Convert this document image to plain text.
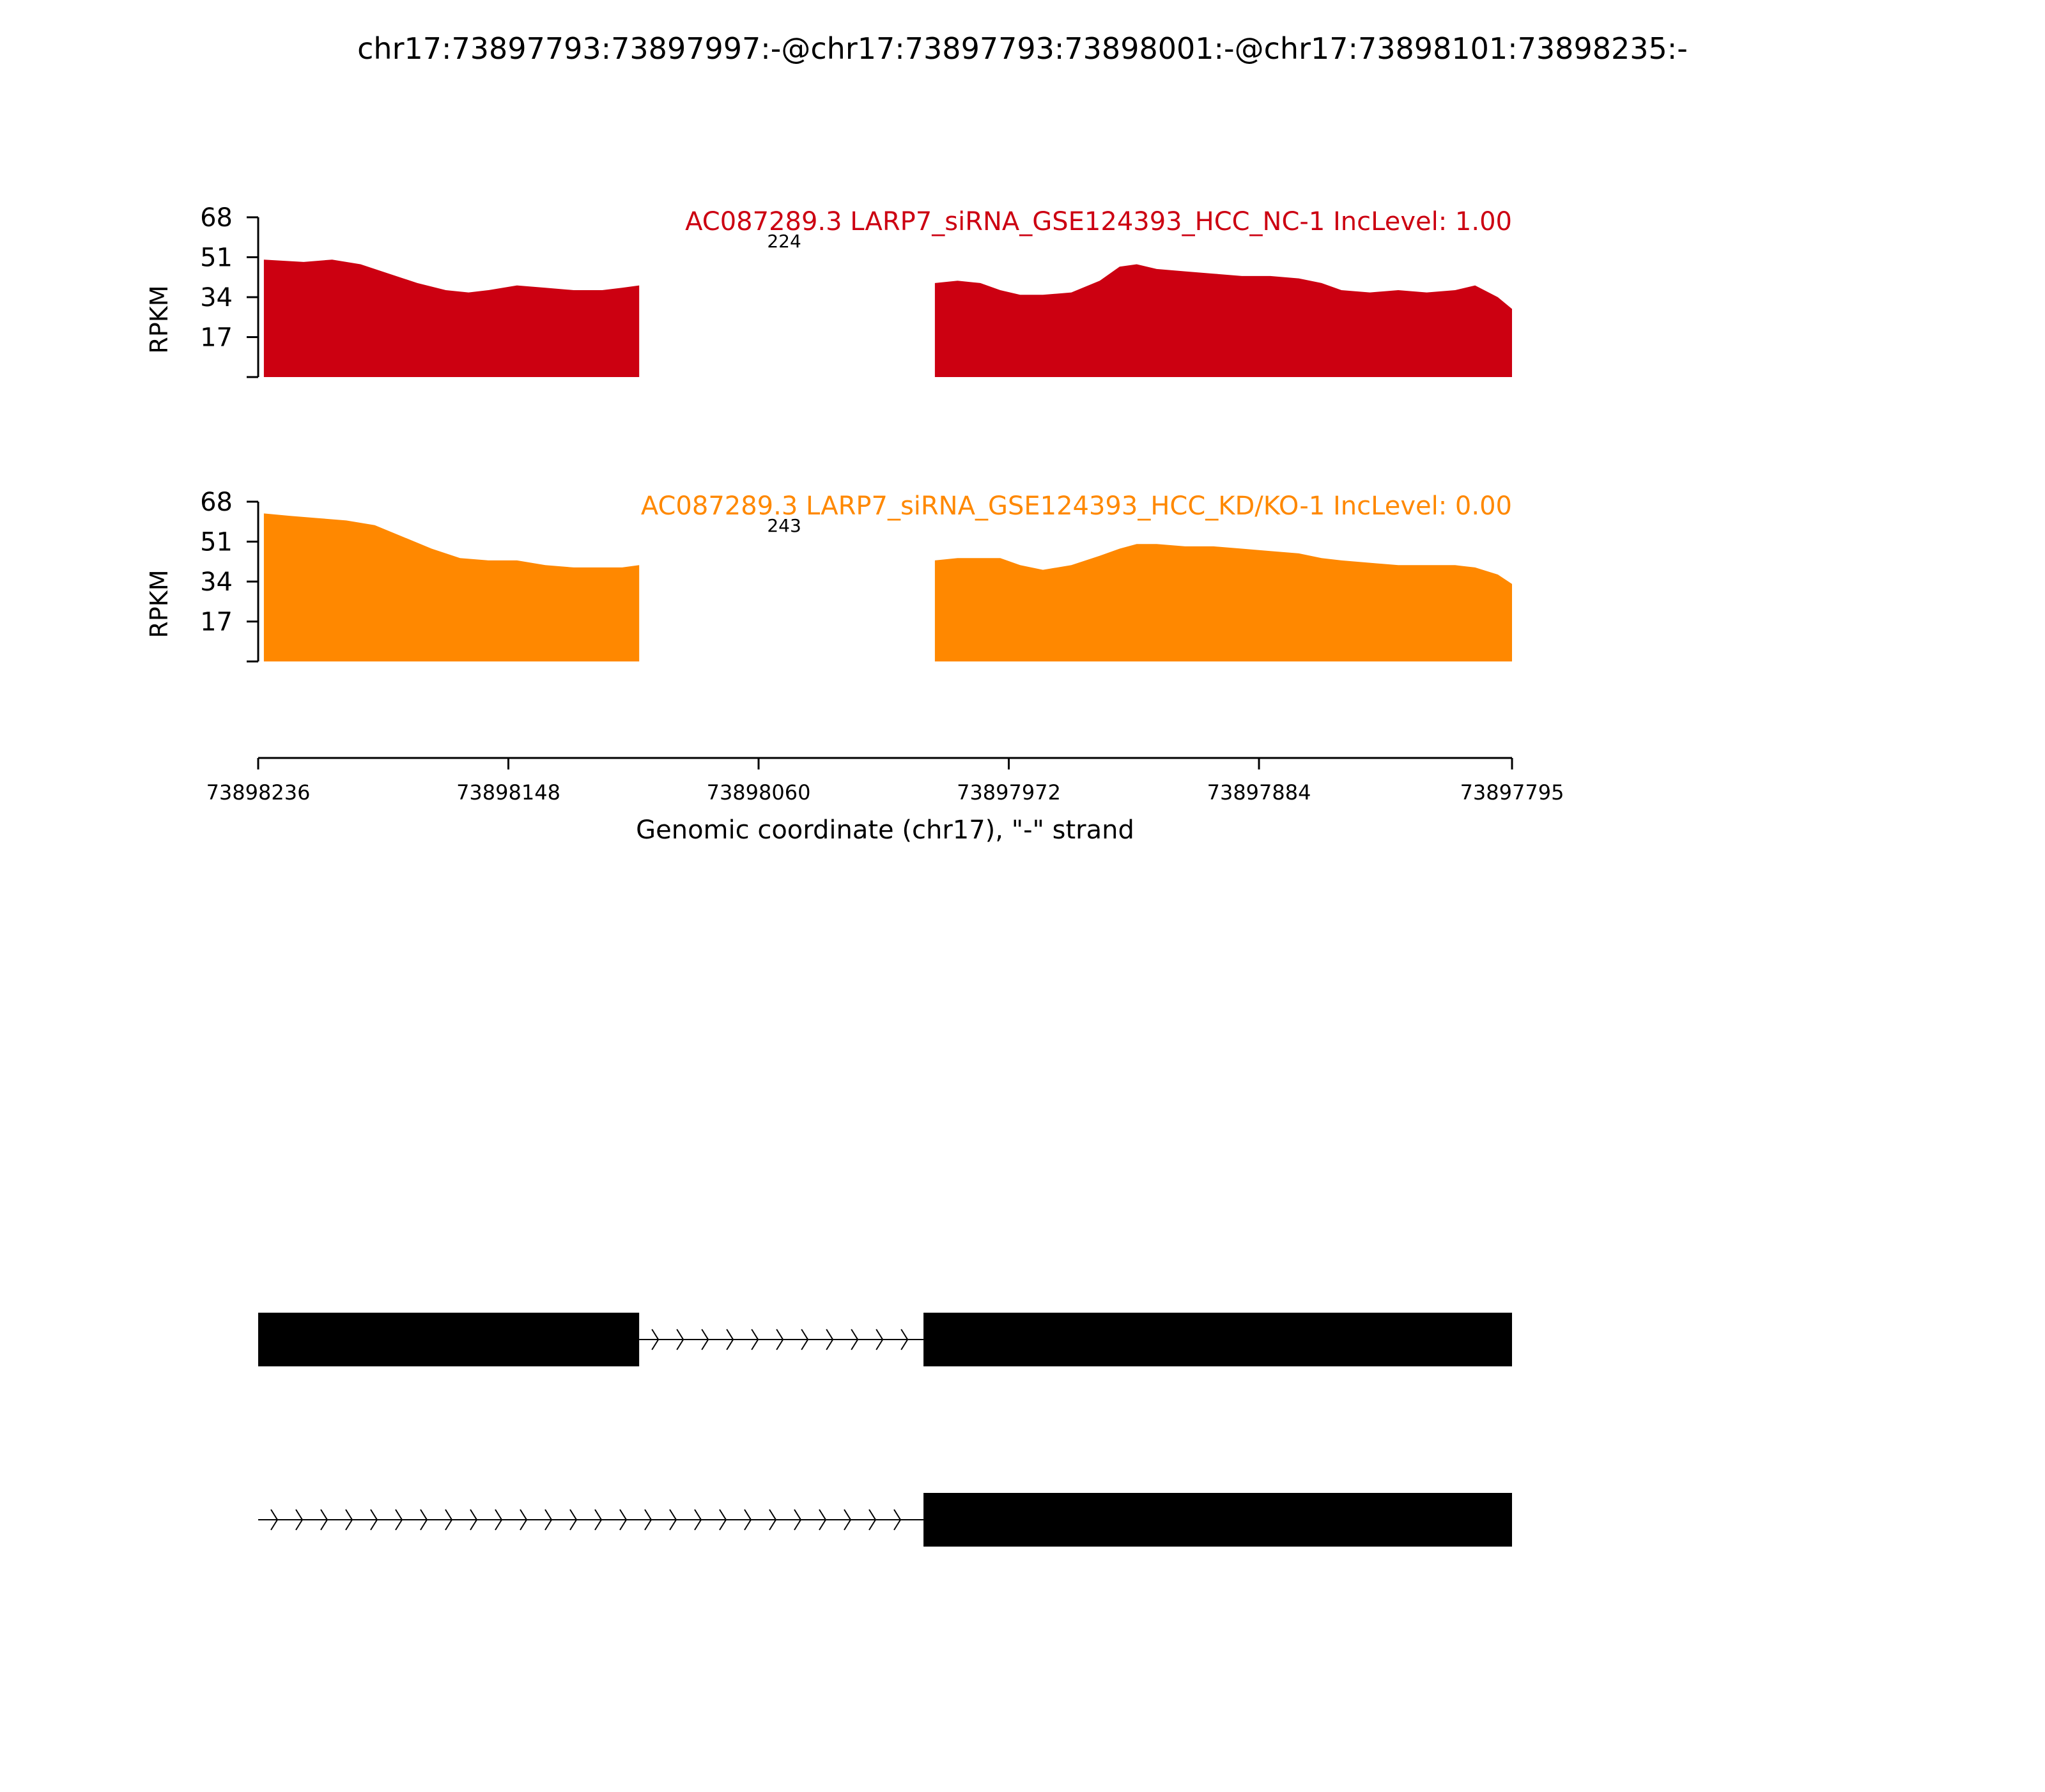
chr17:73897793:73897997:-@chr17:73897793:73898001:-@chr17:73898101:73898235:-
224
AC087289.3 LARP7_siRNA_GSE124393_HCC_NC-1 IncLevel: 1.00
17
34
51
68
RPKM
243
AC087289.3 LARP7_siRNA_GSE124393_HCC_KD/KO-1 IncLevel: 0.00
17
34
51
68
RPKM
73898236	73898148	73898060	73897972	73897884	73897795
Genomic coordinate (chr17), "-" strand
